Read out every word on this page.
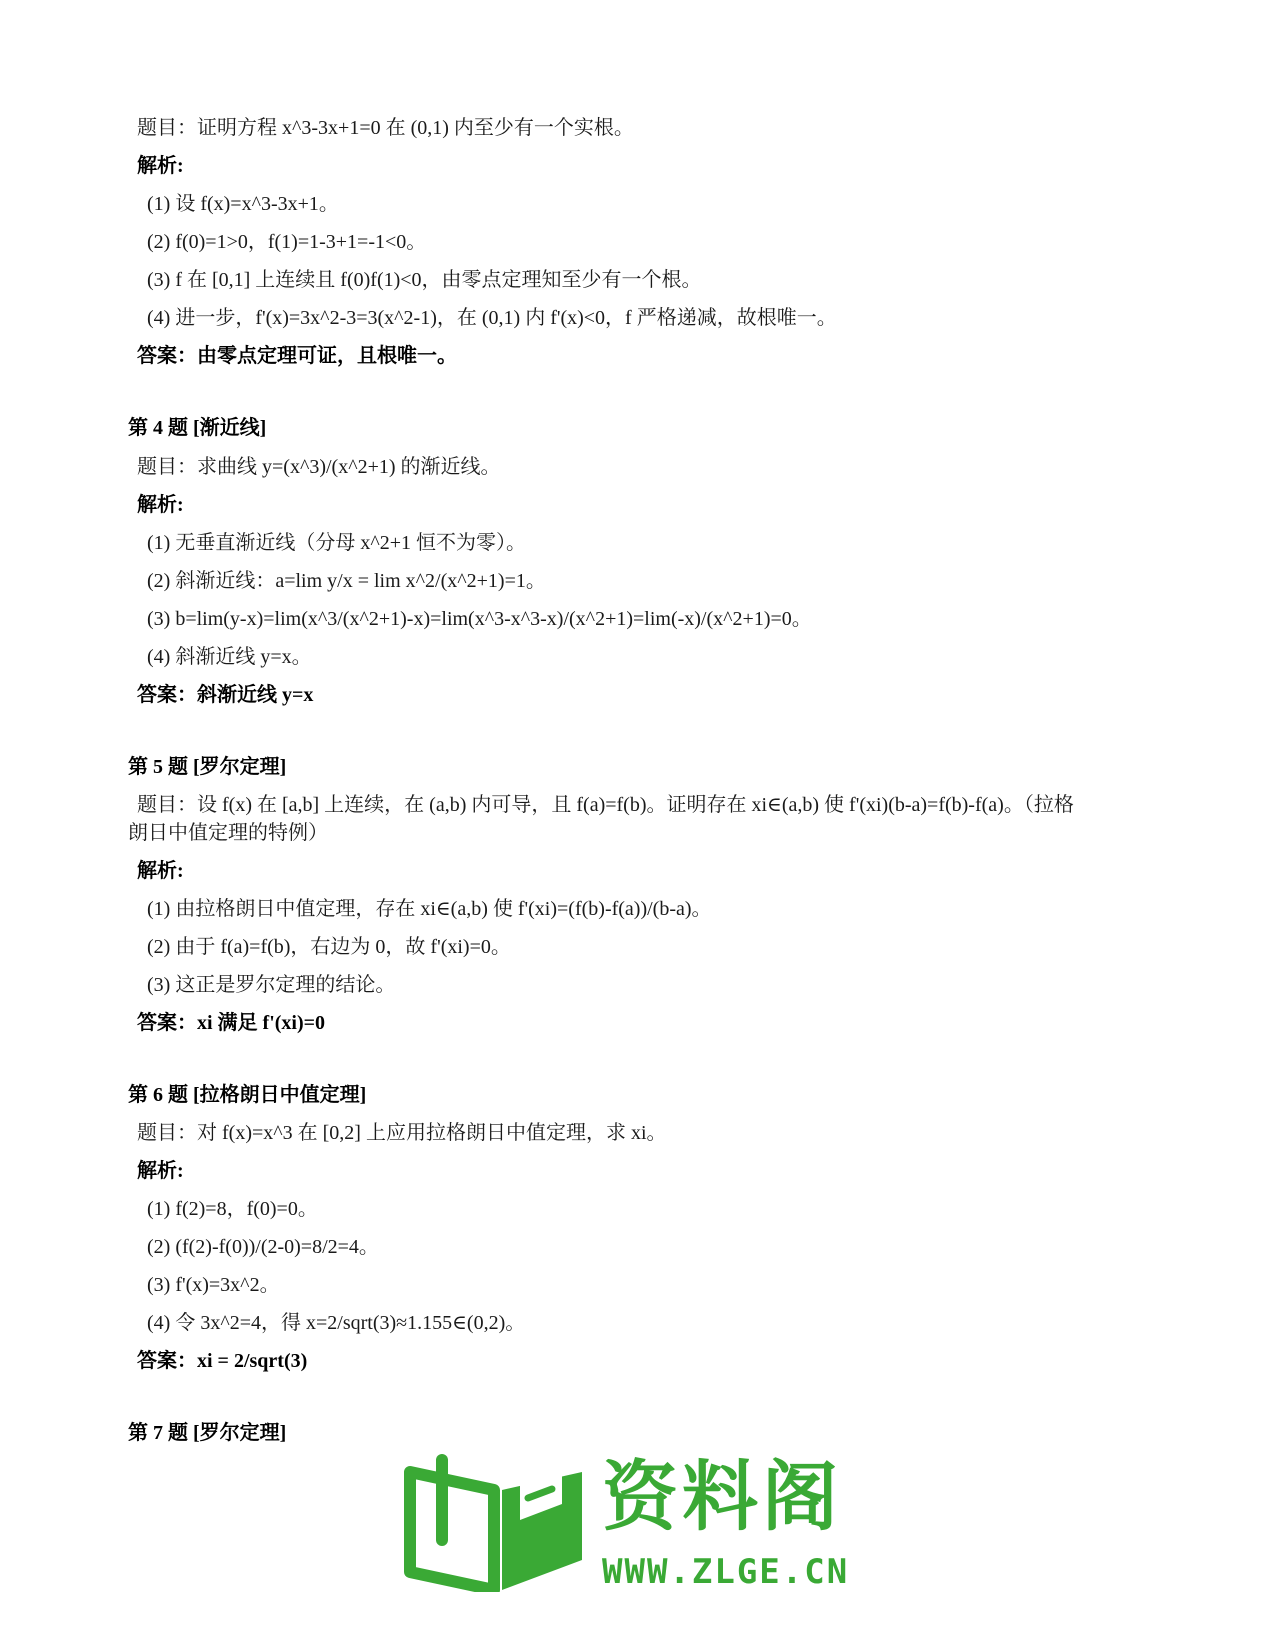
题目：证明方程 x^3-3x+1=0 在 (0,1) 内至少有一个实根。
解析:
(1) 设 f(x)=x^3-3x+1。
(2) f(0)=1>0，f(1)=1-3+1=-1<0。
(3) f 在 [0,1] 上连续且 f(0)f(1)<0，由零点定理知至少有一个根。
(4) 进一步，f'(x)=3x^2-3=3(x^2-1)，在 (0,1) 内 f'(x)<0，f 严格递减，故根唯一。
答案：由零点定理可证，且根唯一。
第 4 题 [渐近线]
题目：求曲线 y=(x^3)/(x^2+1) 的渐近线。
解析:
(1) 无垂直渐近线（分母 x^2+1 恒不为零）。
(2) 斜渐近线：a=lim y/x = lim x^2/(x^2+1)=1。
(3) b=lim(y-x)=lim(x^3/(x^2+1)-x)=lim(x^3-x^3-x)/(x^2+1)=lim(-x)/(x^2+1)=0。
(4) 斜渐近线 y=x。
答案：斜渐近线 y=x
第 5 题 [罗尔定理]
题目：设 f(x) 在 [a,b] 上连续，在 (a,b) 内可导，且 f(a)=f(b)。证明存在 xi∈(a,b) 使 f'(xi)(b-a)=f(b)-f(a)。（拉格
朗日中值定理的特例）
解析:
(1) 由拉格朗日中值定理，存在 xi∈(a,b) 使 f'(xi)=(f(b)-f(a))/(b-a)。
(2) 由于 f(a)=f(b)，右边为 0，故 f'(xi)=0。
(3) 这正是罗尔定理的结论。
答案：xi 满足 f'(xi)=0
第 6 题 [拉格朗日中值定理]
题目：对 f(x)=x^3 在 [0,2] 上应用拉格朗日中值定理，求 xi。
解析:
(1) f(2)=8，f(0)=0。
(2) (f(2)-f(0))/(2-0)=8/2=4。
(3) f'(x)=3x^2。
(4) 令 3x^2=4，得 x=2/sqrt(3)≈1.155∈(0,2)。
答案：xi = 2/sqrt(3)
第 7 题 [罗尔定理]
资料阁
WWW.ZLGE.CN
